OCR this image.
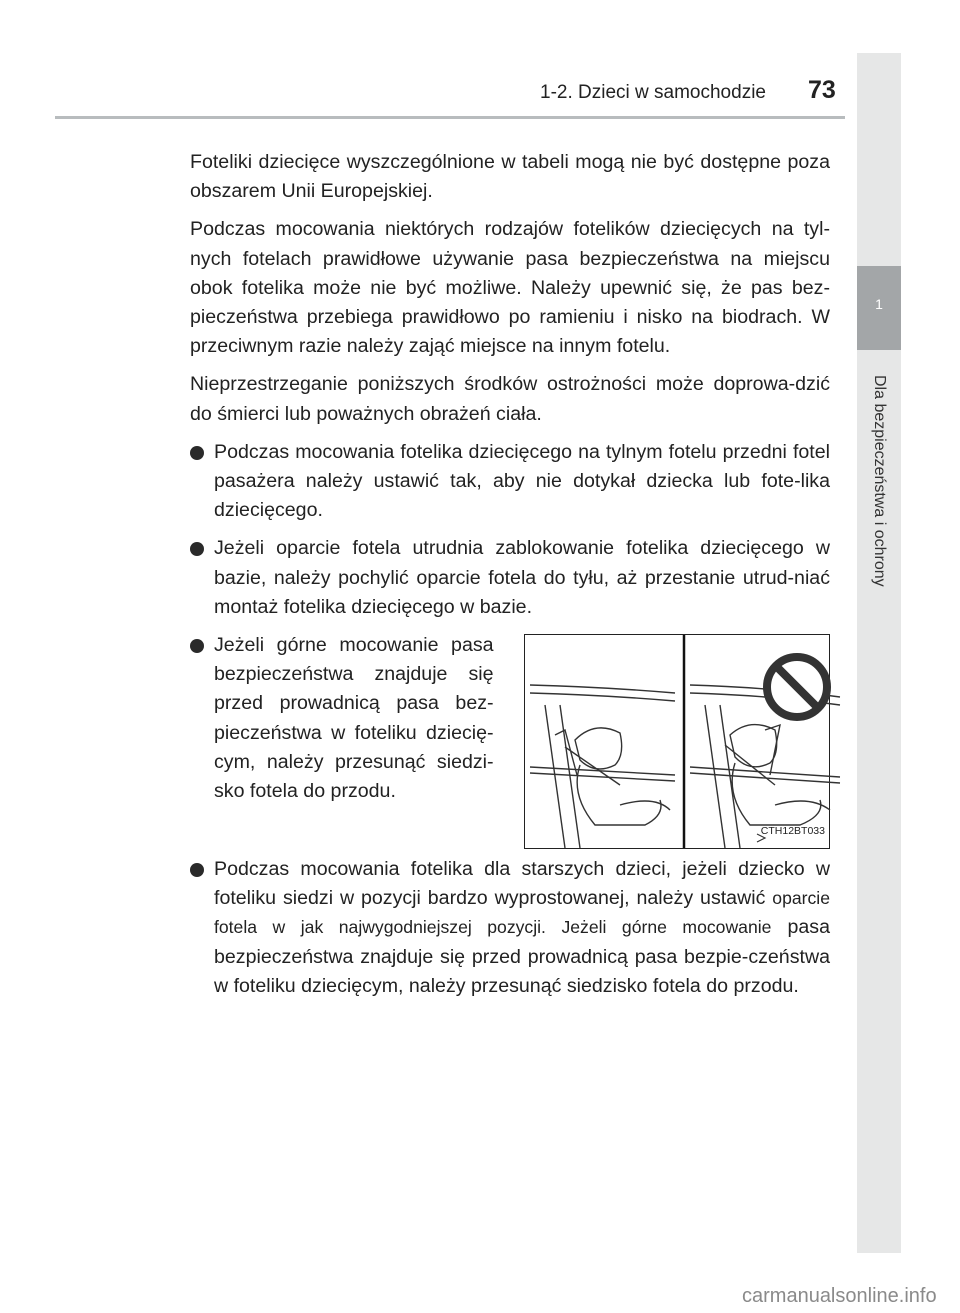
1
Dla bezpieczeństwa i ochrony
1-2. Dzieci w samochodzie 73

Foteliki dziecięce wyszczególnione w tabeli mogą nie być dostępne poza obszarem Unii Europejskiej.

Podczas mocowania niektórych rodzajów fotelików dziecięcych na tyl-nych fotelach prawidłowe używanie pasa bezpieczeństwa na miejscu obok fotelika może nie być możliwe. Należy upewnić się, że pas bez-pieczeństwa przebiega prawidłowo po ramieniu i nisko na biodrach. W przeciwnym razie należy zająć miejsce na innym fotelu.

Nieprzestrzeganie poniższych środków ostrożności może doprowa-dzić do śmierci lub poważnych obrażeń ciała.

Podczas mocowania fotelika dziecięcego na tylnym fotelu przedni fotel pasażera należy ustawić tak, aby nie dotykał dziecka lub fote-lika dziecięcego.

Jeżeli oparcie fotela utrudnia zablokowanie fotelika dziecięcego w bazie, należy pochylić oparcie fotela do tyłu, aż przestanie utrud-niać montaż fotelika dziecięcego w bazie.

Jeżeli górne mocowanie pasa bezpieczeństwa znajduje się przed prowadnicą pasa bez-pieczeństwa w foteliku dziecię-cym, należy przesunąć siedzi-sko fotela do przodu.

CTH12BT033

Podczas mocowania fotelika dla starszych dzieci, jeżeli dziecko w foteliku siedzi w pozycji bardzo wyprostowanej, należy ustawić oparcie fotela w jak najwygodniejszej pozycji. Jeżeli górne mocowanie pasa bezpieczeństwa znajduje się przed prowadnicą pasa bezpie-czeństwa w foteliku dziecięcym, należy przesunąć siedzisko fotela do przodu.

carmanualsonline.info
